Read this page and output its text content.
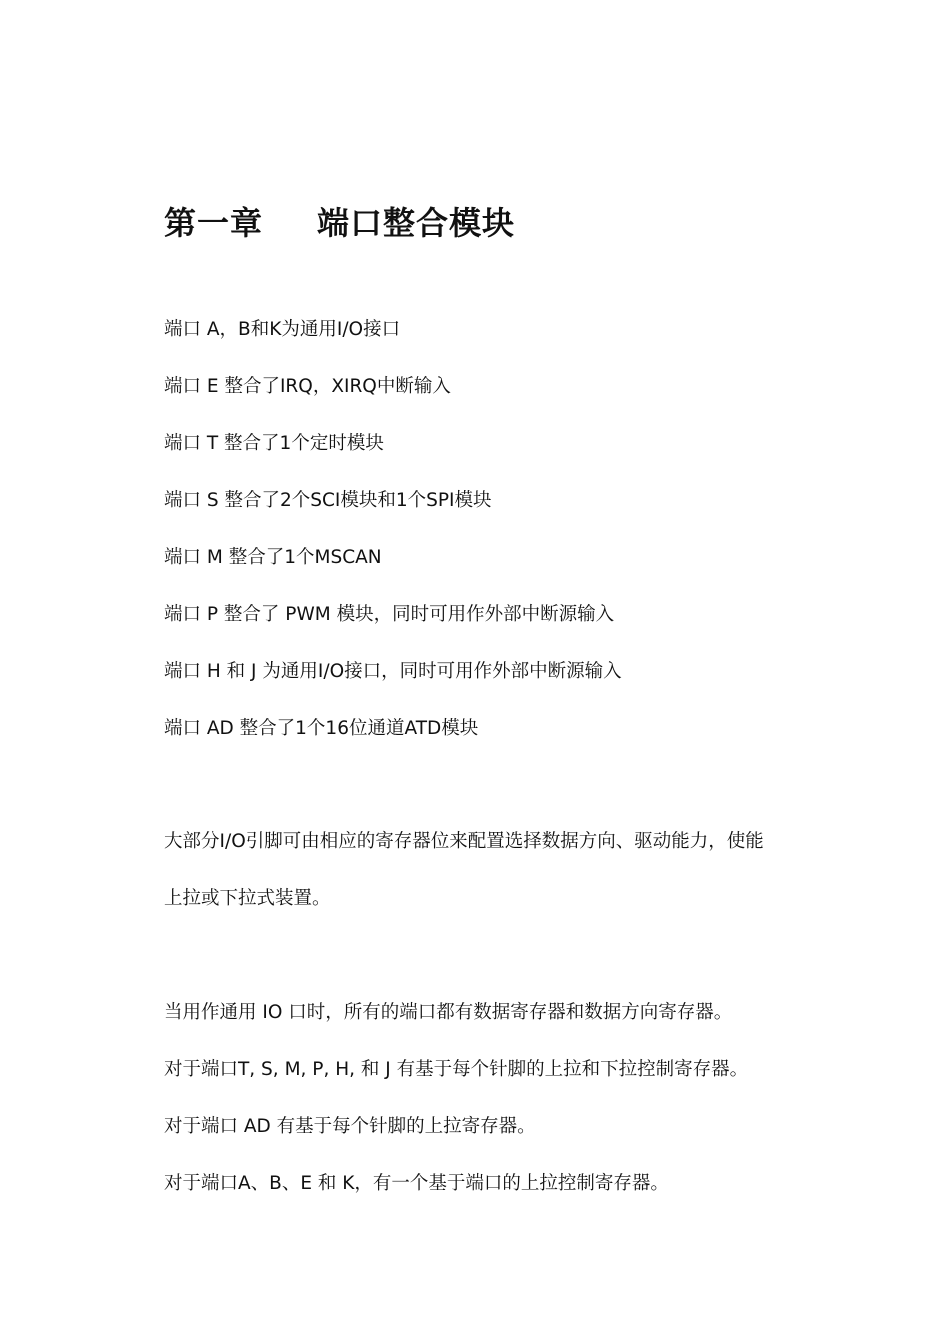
第一章 端口整合模块
端口 A，B和K为通用I/O接口
端口 E 整合了IRQ，XIRQ中断输入
端口 T 整合了1个定时模块
端口 S 整合了2个SCI模块和1个SPI模块
端口 M 整合了1个MSCAN
端口 P 整合了 PWM 模块，同时可用作外部中断源输入
端口 H 和 J 为通用I/O接口，同时可用作外部中断源输入
端口 AD 整合了1个16位通道ATD模块
大部分I/O引脚可由相应的寄存器位来配置选择数据方向、驱动能力，使能
上拉或下拉式装置。
当用作通用 IO 口时，所有的端口都有数据寄存器和数据方向寄存器。
对于端口T, S, M, P, H, 和 J 有基于每个针脚的上拉和下拉控制寄存器。
对于端口 AD 有基于每个针脚的上拉寄存器。
对于端口A、B、E 和 K，有一个基于端口的上拉控制寄存器。
